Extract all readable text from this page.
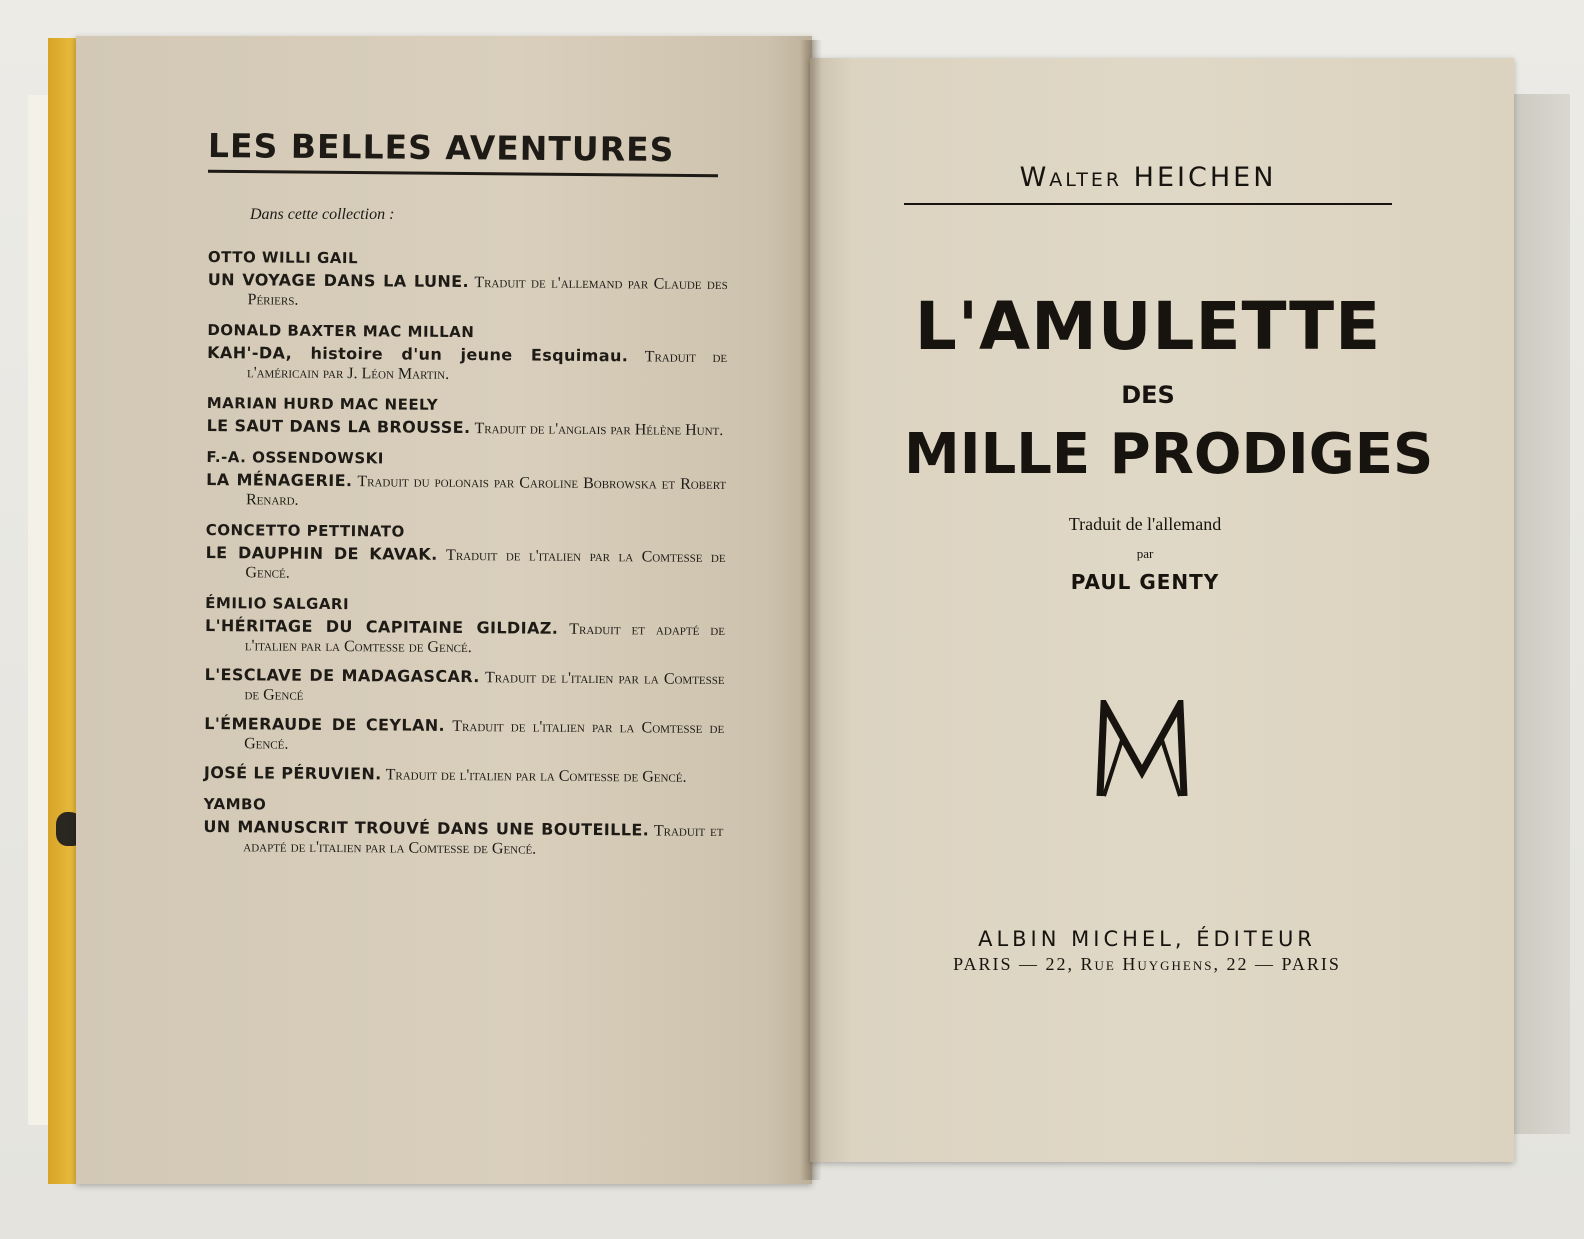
LES BELLES AVENTURES
Dans cette collection :
OTTO WILLI GAIL
UN VOYAGE DANS LA LUNE. Traduit de l'allemand par Claude des Périers.
DONALD BAXTER MAC MILLAN
KAH'-DA, histoire d'un jeune Esquimau. Traduit de l'américain par J. Léon Martin.
MARIAN HURD MAC NEELY
LE SAUT DANS LA BROUSSE. Traduit de l'anglais par Hélène Hunt.
F.-A. OSSENDOWSKI
LA MÉNAGERIE. Traduit du polonais par Caroline Bobrowska et Robert Renard.
CONCETTO PETTINATO
LE DAUPHIN DE KAVAK. Traduit de l'italien par la Comtesse de Gencé.
ÉMILIO SALGARI
L'HÉRITAGE DU CAPITAINE GILDIAZ. Traduit et adapté de l'italien par la Comtesse de Gencé.
L'ESCLAVE DE MADAGASCAR. Traduit de l'italien par la Comtesse de Gencé
L'ÉMERAUDE DE CEYLAN. Traduit de l'italien par la Comtesse de Gencé.
JOSÉ LE PÉRUVIEN. Traduit de l'italien par la Comtesse de Gencé.
YAMBO
UN MANUSCRIT TROUVÉ DANS UNE BOUTEILLE. Traduit et adapté de l'italien par la Comtesse de Gencé.
Walter HEICHEN
L'AMULETTE
DES
MILLE PRODIGES
Traduit de l'allemand
par
PAUL GENTY
ALBIN MICHEL, ÉDITEUR
PARIS — 22, Rue Huyghens, 22 — PARIS
